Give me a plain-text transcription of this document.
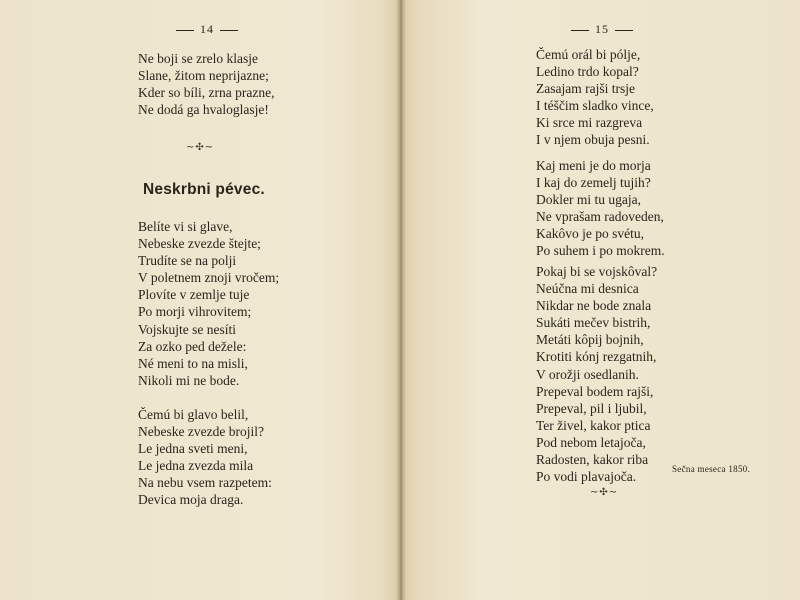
14
Ne boji se zrelo klasje
Slane, žitom neprijazne;
Kder so bíli, zrna prazne,
Ne dodá ga hvaloglasje!
~✣~
Neskrbni pévec.
Belíte vi si glave,
Nebeske zvezde štejte;
Trudíte se na polji
V poletnem znoji vročem;
Plovíte v zemlje tuje
Po morji vihrovitem;
Vojskujte se nesíti
Za ozko ped dežele:
Né meni to na misli,
Nikoli mi ne bode.
Čemú bi glavo belil,
Nebeske zvezde brojil?
Le jedna sveti meni,
Le jedna zvezda mila
Na nebu vsem razpetem:
Devica moja draga.
15
Čemú orál bi pólje,
Ledino trdo kopal?
Zasajam rajši trsje
I téščim sladko vince,
Ki srce mi razgreva
I v njem obuja pesni.
Kaj meni je do morja
I kaj do zemelj tujih?
Dokler mi tu ugaja,
Ne vprašam radoveden,
Kakôvo je po svétu,
Po suhem i po mokrem.
Pokaj bi se vojskôval?
Neúčna mi desnica
Nikdar ne bode znala
Sukáti mečev bistrih,
Metáti kôpij bojnih,
Krotiti kónj rezgatnih,
V orožji osedlanih.
Prepeval bodem rajši,
Prepeval, pil i ljubil,
Ter živel, kakor ptica
Pod nebom letajoča,
Radosten, kakor riba
Po vodi plavajoča.
Sečna meseca 1850.
~✣~
